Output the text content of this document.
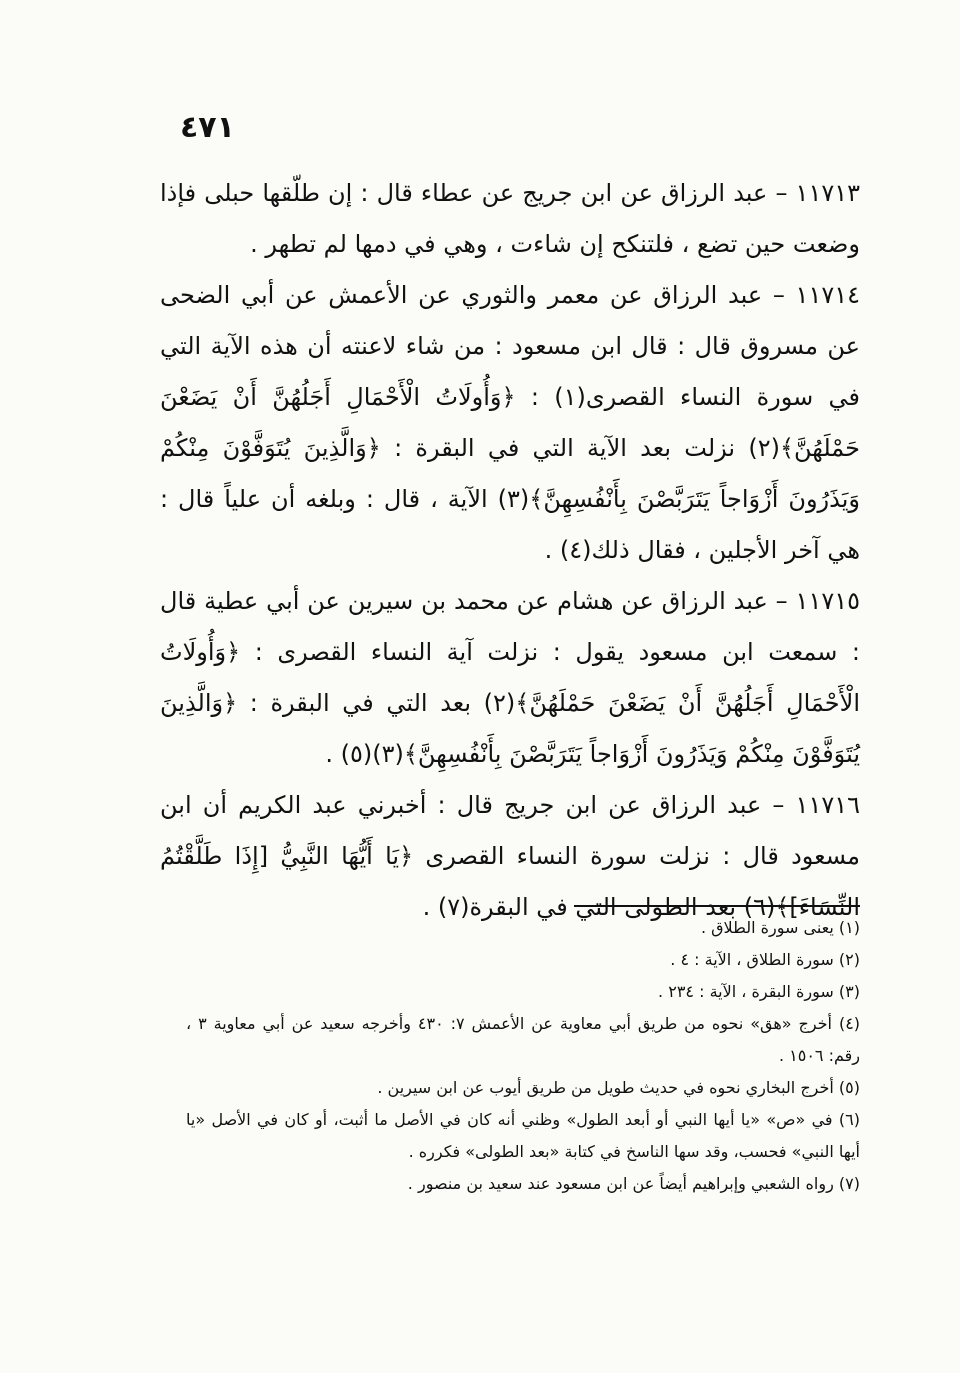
٤٧١

١١٧١٣ – عبد الرزاق عن ابن جريج عن عطاء قال : إن طلّقها حبلى فإذا وضعت حين تضع ، فلتنكح إن شاءت ، وهي في دمها لم تطهر .

١١٧١٤ – عبد الرزاق عن معمر والثوري عن الأعمش عن أبي الضحى عن مسروق قال : قال ابن مسعود : من شاء لاعنته أن هذه الآية التي في سورة النساء القصرى(١) : ﴿وَأُولَاتُ الْأَحْمَالِ أَجَلُهُنَّ أَنْ يَضَعْنَ حَمْلَهُنَّ﴾(٢) نزلت بعد الآية التي في البقرة : ﴿وَالَّذِينَ يُتَوَفَّوْنَ مِنْكُمْ وَيَذَرُونَ أَزْوَاجاً يَتَرَبَّصْنَ بِأَنْفُسِهِنَّ﴾(٣) الآية ، قال : وبلغه أن علياً قال : هي آخر الأجلين ، فقال ذلك(٤) .

١١٧١٥ – عبد الرزاق عن هشام عن محمد بن سيرين عن أبي عطية قال : سمعت ابن مسعود يقول : نزلت آية النساء القصرى : ﴿وَأُولَاتُ الْأَحْمَالِ أَجَلُهُنَّ أَنْ يَضَعْنَ حَمْلَهُنَّ﴾(٢) بعد التي في البقرة : ﴿وَالَّذِينَ يُتَوَفَّوْنَ مِنْكُمْ وَيَذَرُونَ أَزْوَاجاً يَتَرَبَّصْنَ بِأَنْفُسِهِنَّ﴾(٣)(٥) .

١١٧١٦ – عبد الرزاق عن ابن جريج قال : أخبرني عبد الكريم أن ابن مسعود قال : نزلت سورة النساء القصرى ﴿يَا أَيُّهَا النَّبِيُّ [إِذَا طَلَّقْتُمُ النِّسَاءَ]﴾(٦) بعد الطولى التي في البقرة(٧) .

(١) يعنى سورة الطلاق .

(٢) سورة الطلاق ، الآية : ٤ .

(٣) سورة البقرة ، الآية : ٢٣٤ .

(٤) أخرج «هق» نحوه من طريق أبي معاوية عن الأعمش ٧: ٤٣٠ وأخرجه سعيد عن أبي معاوية ٣ ، رقم: ١٥٠٦ .

(٥) أخرج البخاري نحوه في حديث طويل من طريق أيوب عن ابن سيرين .

(٦) في «ص» «يا أيها النبي أو أبعد الطول» وظني أنه كان في الأصل ما أثبت، أو كان في الأصل «يا أيها النبي» فحسب، وقد سها الناسخ في كتابة «بعد الطولى» فكرره .

(٧) رواه الشعبي وإبراهيم أيضاً عن ابن مسعود عند سعيد بن منصور .
